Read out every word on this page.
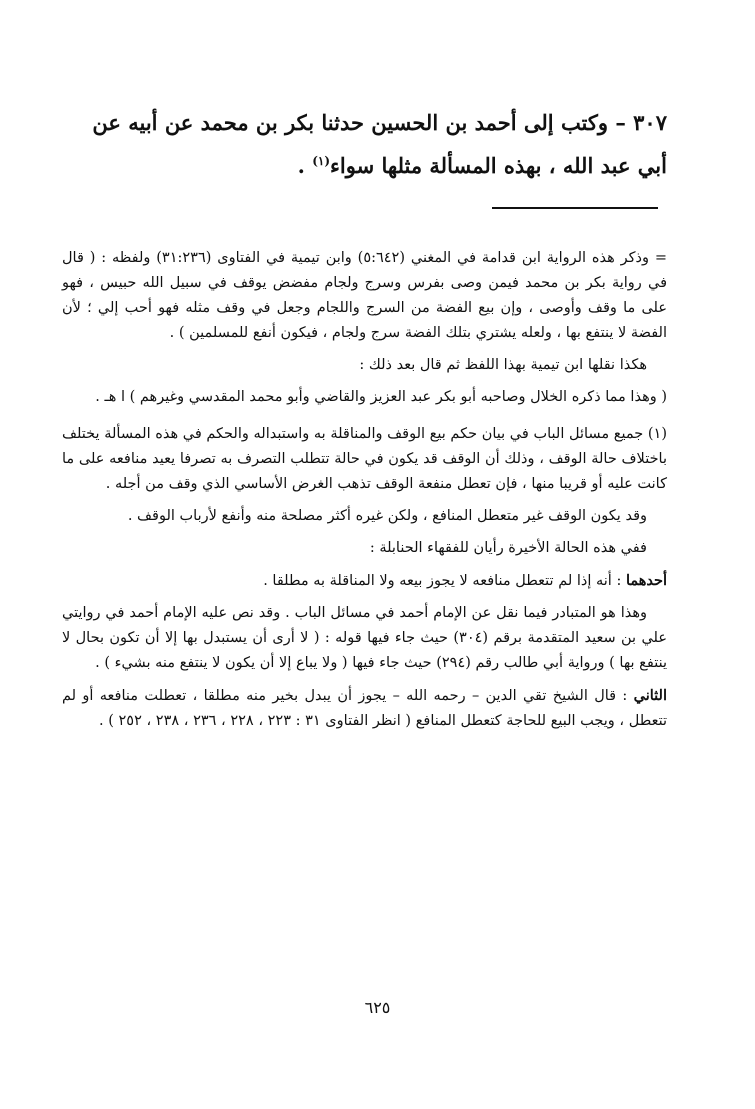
٣٠٧ – وكتب إلى أحمد بن الحسين حدثنا بكر بن محمد عن أبيه عن أبي عبد الله ، بهذه المسألة مثلها سواء$^{(١)}$ .

= وذكر هذه الرواية ابن قدامة في المغني (٥:٦٤٢) وابن تيمية في الفتاوى (٣١:٢٣٦) ولفظه : ( قال في رواية بكر بن محمد فيمن وصى بفرس وسرج ولجام مفضض يوقف في سبيل الله حبيس ، فهو على ما وقف وأوصى ، وإن بيع الفضة من السرج واللجام وجعل في وقف مثله فهو أحب إلي ؛ لأن الفضة لا ينتفع بها ، ولعله يشتري بتلك الفضة سرج ولجام ، فيكون أنفع للمسلمين ) .

هكذا نقلها ابن تيمية بهذا اللفظ ثم قال بعد ذلك :

( وهذا مما ذكره الخلال وصاحبه أبو بكر عبد العزيز والقاضي وأبو محمد المقدسي وغيرهم ) ا هـ .

(١) جميع مسائل الباب في بيان حكم بيع الوقف والمناقلة به واستبداله والحكم في هذه المسألة يختلف باختلاف حالة الوقف ، وذلك أن الوقف قد يكون في حالة تتطلب التصرف به تصرفا يعيد منافعه على ما كانت عليه أو قريبا منها ، فإن تعطل منفعة الوقف تذهب الغرض الأساسي الذي وقف من أجله .

وقد يكون الوقف غير متعطل المنافع ، ولكن غيره أكثر مصلحة منه وأنفع لأرباب الوقف .

ففي هذه الحالة الأخيرة رأيان للفقهاء الحنابلة :

أحدهما : أنه إذا لم تتعطل منافعه لا يجوز بيعه ولا المناقلة به مطلقا .

وهذا هو المتبادر فيما نقل عن الإمام أحمد في مسائل الباب . وقد نص عليه الإمام أحمد في روايتي علي بن سعيد المتقدمة برقم (٣٠٤) حيث جاء فيها قوله : ( لا أرى أن يستبدل بها إلا أن تكون بحال لا ينتفع بها ) ورواية أبي طالب رقم (٢٩٤) حيث جاء فيها ( ولا يباع إلا أن يكون لا ينتفع منه بشيء ) .

الثاني : قال الشيخ تقي الدين – رحمه الله – يجوز أن يبدل بخير منه مطلقا ، تعطلت منافعه أو لم تتعطل ، ويجب البيع للحاجة كتعطل المنافع ( انظر الفتاوى ٣١ : ٢٢٣ ، ٢٢٨ ، ٢٣٦ ، ٢٣٨ ، ٢٥٢ ) .

٦٢٥
